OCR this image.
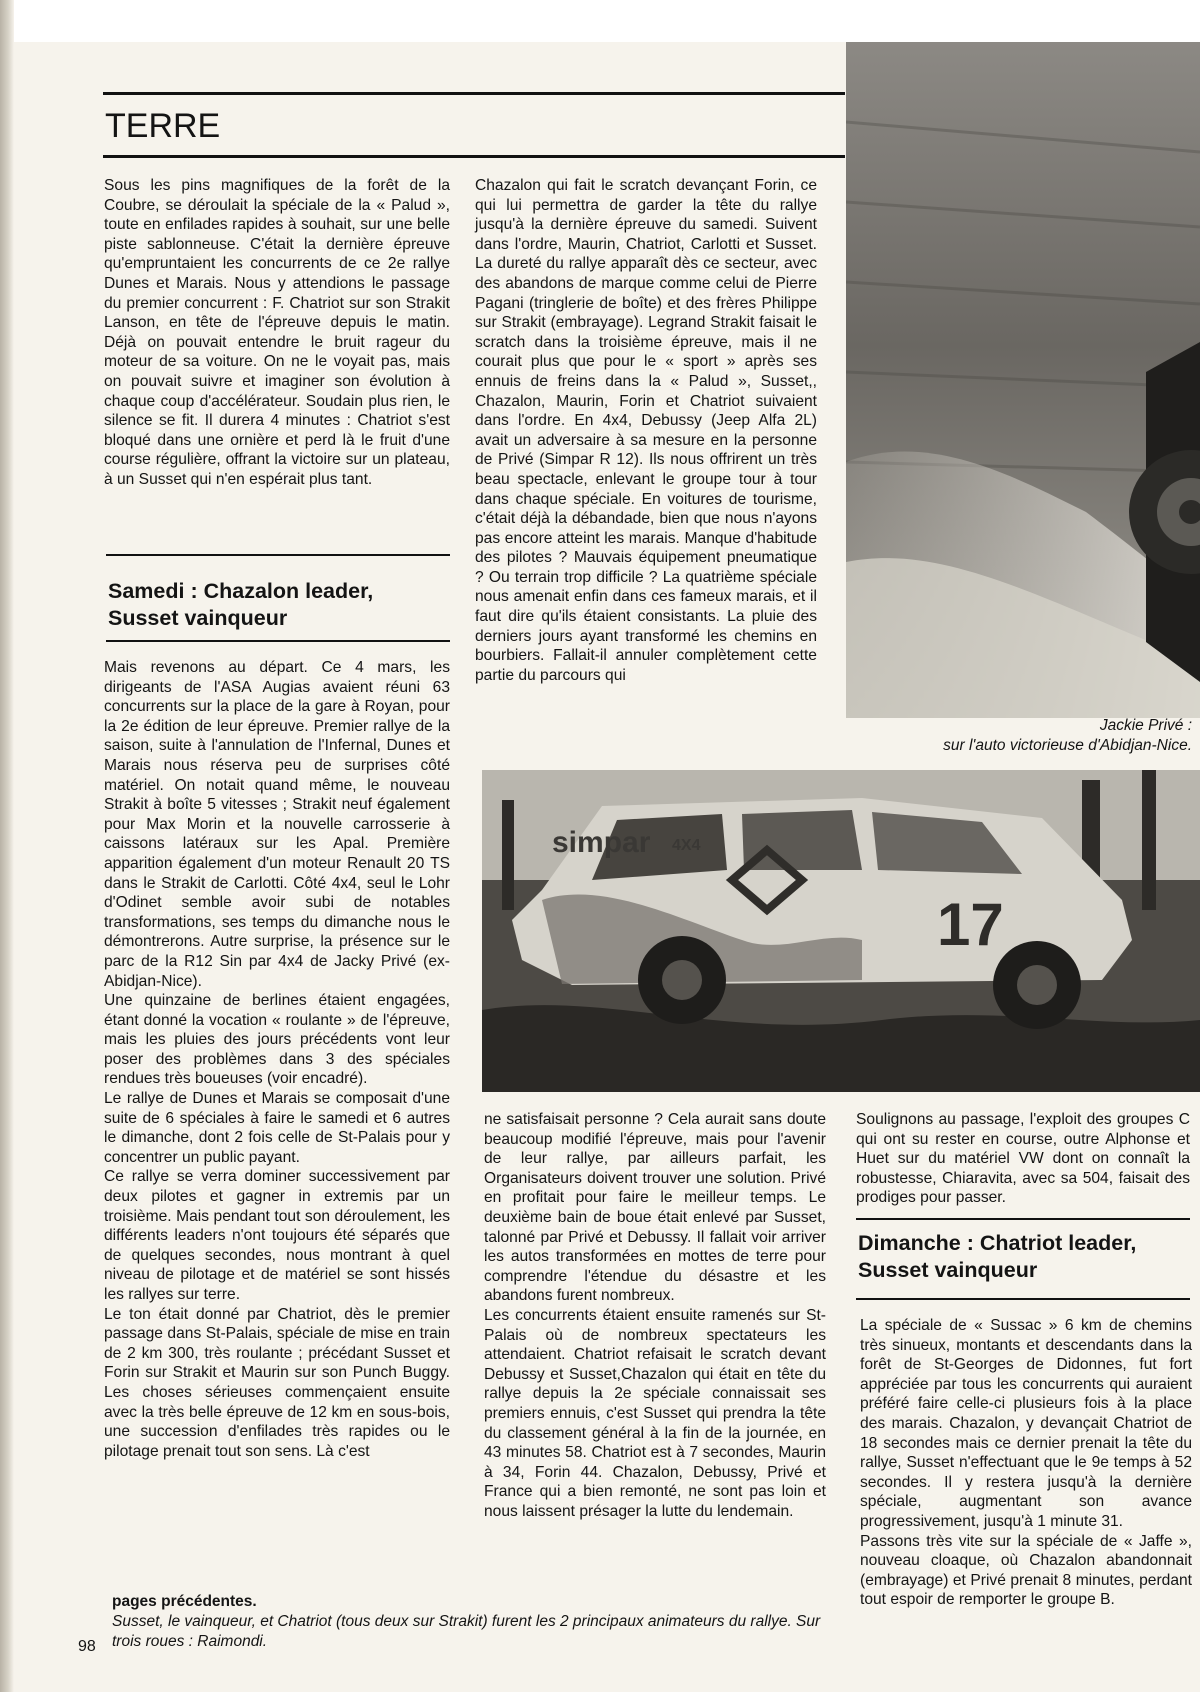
TERRE

Sous les pins magnifiques de la forêt de la Coubre, se déroulait la spéciale de la « Palud », toute en enfilades rapides à souhait, sur une belle piste sablonneuse. C'était la dernière épreuve qu'empruntaient les concurrents de ce 2e rallye Dunes et Marais. Nous y attendions le passage du premier concurrent : F. Chatriot sur son Strakit Lanson, en tête de l'épreuve depuis le matin. Déjà on pouvait entendre le bruit rageur du moteur de sa voiture. On ne le voyait pas, mais on pouvait suivre et imaginer son évolution à chaque coup d'accélérateur. Soudain plus rien, le silence se fit. Il durera 4 minutes : Chatriot s'est bloqué dans une ornière et perd là le fruit d'une course régulière, offrant la victoire sur un plateau, à un Susset qui n'en espérait plus tant.

Samedi : Chazalon leader, Susset vainqueur

Mais revenons au départ. Ce 4 mars, les dirigeants de l'ASA Augias avaient réuni 63 concurrents sur la place de la gare à Royan, pour la 2e édition de leur épreuve. Premier rallye de la saison, suite à l'annulation de l'Infernal, Dunes et Marais nous réserva peu de surprises côté matériel. On notait quand même, le nouveau Strakit à boîte 5 vitesses ; Strakit neuf également pour Max Morin et la nouvelle carrosserie à caissons latéraux sur les Apal. Première apparition également d'un moteur Renault 20 TS dans le Strakit de Carlotti. Côté 4x4, seul le Lohr d'Odinet semble avoir subi de notables transformations, ses temps du dimanche nous le démontrerons. Autre surprise, la présence sur le parc de la R12 Sin par 4x4 de Jacky Privé (ex-Abidjan-Nice).

Une quinzaine de berlines étaient engagées, étant donné la vocation « roulante » de l'épreuve, mais les pluies des jours précédents vont leur poser des problèmes dans 3 des spéciales rendues très boueuses (voir encadré).

Le rallye de Dunes et Marais se composait d'une suite de 6 spéciales à faire le samedi et 6 autres le dimanche, dont 2 fois celle de St-Palais pour y concentrer un public payant.

Ce rallye se verra dominer successivement par deux pilotes et gagner in extremis par un troisième. Mais pendant tout son déroulement, les différents leaders n'ont toujours été séparés que de quelques secondes, nous montrant à quel niveau de pilotage et de matériel se sont hissés les rallyes sur terre.

Le ton était donné par Chatriot, dès le premier passage dans St-Palais, spéciale de mise en train de 2 km 300, très roulante ; précédant Susset et Forin sur Strakit et Maurin sur son Punch Buggy. Les choses sérieuses commençaient ensuite avec la très belle épreuve de 12 km en sous-bois, une succession d'enfilades très rapides ou le pilotage prenait tout son sens. Là c'est

Chazalon qui fait le scratch devançant Forin, ce qui lui permettra de garder la tête du rallye jusqu'à la dernière épreuve du samedi. Suivent dans l'ordre, Maurin, Chatriot, Carlotti et Susset. La dureté du rallye apparaît dès ce secteur, avec des abandons de marque comme celui de Pierre Pagani (tringlerie de boîte) et des frères Philippe sur Strakit (embrayage). Legrand Strakit faisait le scratch dans la troisième épreuve, mais il ne courait plus que pour le « sport » après ses ennuis de freins dans la « Palud », Susset,, Chazalon, Maurin, Forin et Chatriot suivaient dans l'ordre. En 4x4, Debussy (Jeep Alfa 2L) avait un adversaire à sa mesure en la personne de Privé (Simpar R 12). Ils nous offrirent un très beau spectacle, enlevant le groupe tour à tour dans chaque spéciale. En voitures de tourisme, c'était déjà la débandade, bien que nous n'ayons pas encore atteint les marais. Manque d'habitude des pilotes ? Mauvais équipement pneumatique ? Ou terrain trop difficile ? La quatrième spéciale nous amenait enfin dans ces fameux marais, et il faut dire qu'ils étaient consistants. La pluie des derniers jours ayant transformé les chemins en bourbiers. Fallait-il annuler complètement cette partie du parcours qui

Jackie Privé :
sur l'auto victorieuse d'Abidjan-Nice.
simpar 4X4
17

ne satisfaisait personne ? Cela aurait sans doute beaucoup modifié l'épreuve, mais pour l'avenir de leur rallye, par ailleurs parfait, les Organisateurs doivent trouver une solution. Privé en profitait pour faire le meilleur temps. Le deuxième bain de boue était enlevé par Susset, talonné par Privé et Debussy. Il fallait voir arriver les autos transformées en mottes de terre pour comprendre l'étendue du désastre et les abandons furent nombreux.

Les concurrents étaient ensuite ramenés sur St-Palais où de nombreux spectateurs les attendaient. Chatriot refaisait le scratch devant Debussy et Susset,Chazalon qui était en tête du rallye depuis la 2e spéciale connaissait ses premiers ennuis, c'est Susset qui prendra la tête du classement général à la fin de la journée, en 43 minutes 58. Chatriot est à 7 secondes, Maurin à 34, Forin 44. Chazalon, Debussy, Privé et France qui a bien remonté, ne sont pas loin et nous laissent présager la lutte du lendemain.

Soulignons au passage, l'exploit des groupes C qui ont su rester en course, outre Alphonse et Huet sur du matériel VW dont on connaît la robustesse, Chiaravita, avec sa 504, faisait des prodiges pour passer.

Dimanche : Chatriot leader, Susset vainqueur

La spéciale de « Sussac » 6 km de chemins très sinueux, montants et descendants dans la forêt de St-Georges de Didonnes, fut fort appréciée par tous les concurrents qui auraient préféré faire celle-ci plusieurs fois à la place des marais. Chazalon, y devançait Chatriot de 18 secondes mais ce dernier prenait la tête du rallye, Susset n'effectuant que le 9e temps à 52 secondes. Il y restera jusqu'à la dernière spéciale, augmentant son avance progressivement, jusqu'à 1 minute 31.

Passons très vite sur la spéciale de « Jaffe », nouveau cloaque, où Chazalon abandonnait (embrayage) et Privé prenait 8 minutes, perdant tout espoir de remporter le groupe B.

pages précédentes.
Susset, le vainqueur, et Chatriot (tous deux sur Strakit) furent les 2 principaux animateurs du rallye. Sur trois roues : Raimondi.
98
